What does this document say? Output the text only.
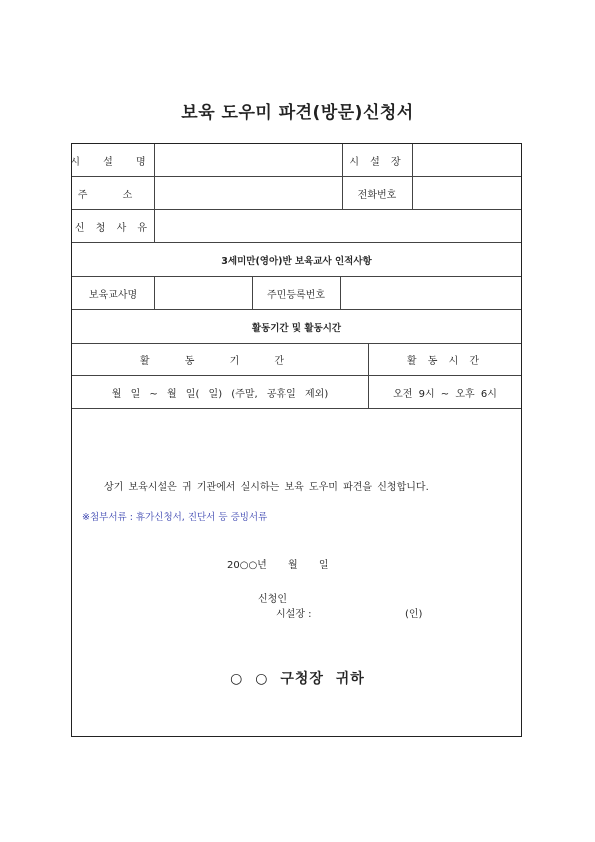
보육 도우미 파견(방문)신청서
시 설 명	시 설 장
주 소	전화번호
신 청 사 유
3세미만(영아)반 보육교사 인적사항
보육교사명	주민등록번호
활동기간 및 활동시간
활 동 기 간	활 동 시 간
월 일 ~ 월 일( 일) (주말, 공휴일 제외)	오전 9시 ~ 오후 6시
상기 보육시설은 귀 기관에서 실시하는 보육 도우미 파견을 신청합니다.
※첨부서류 : 휴가신청서, 진단서 등 증빙서류
20○○년 월 일
신청인
시설장 :	(인)
○ ○ 구청장 귀하
